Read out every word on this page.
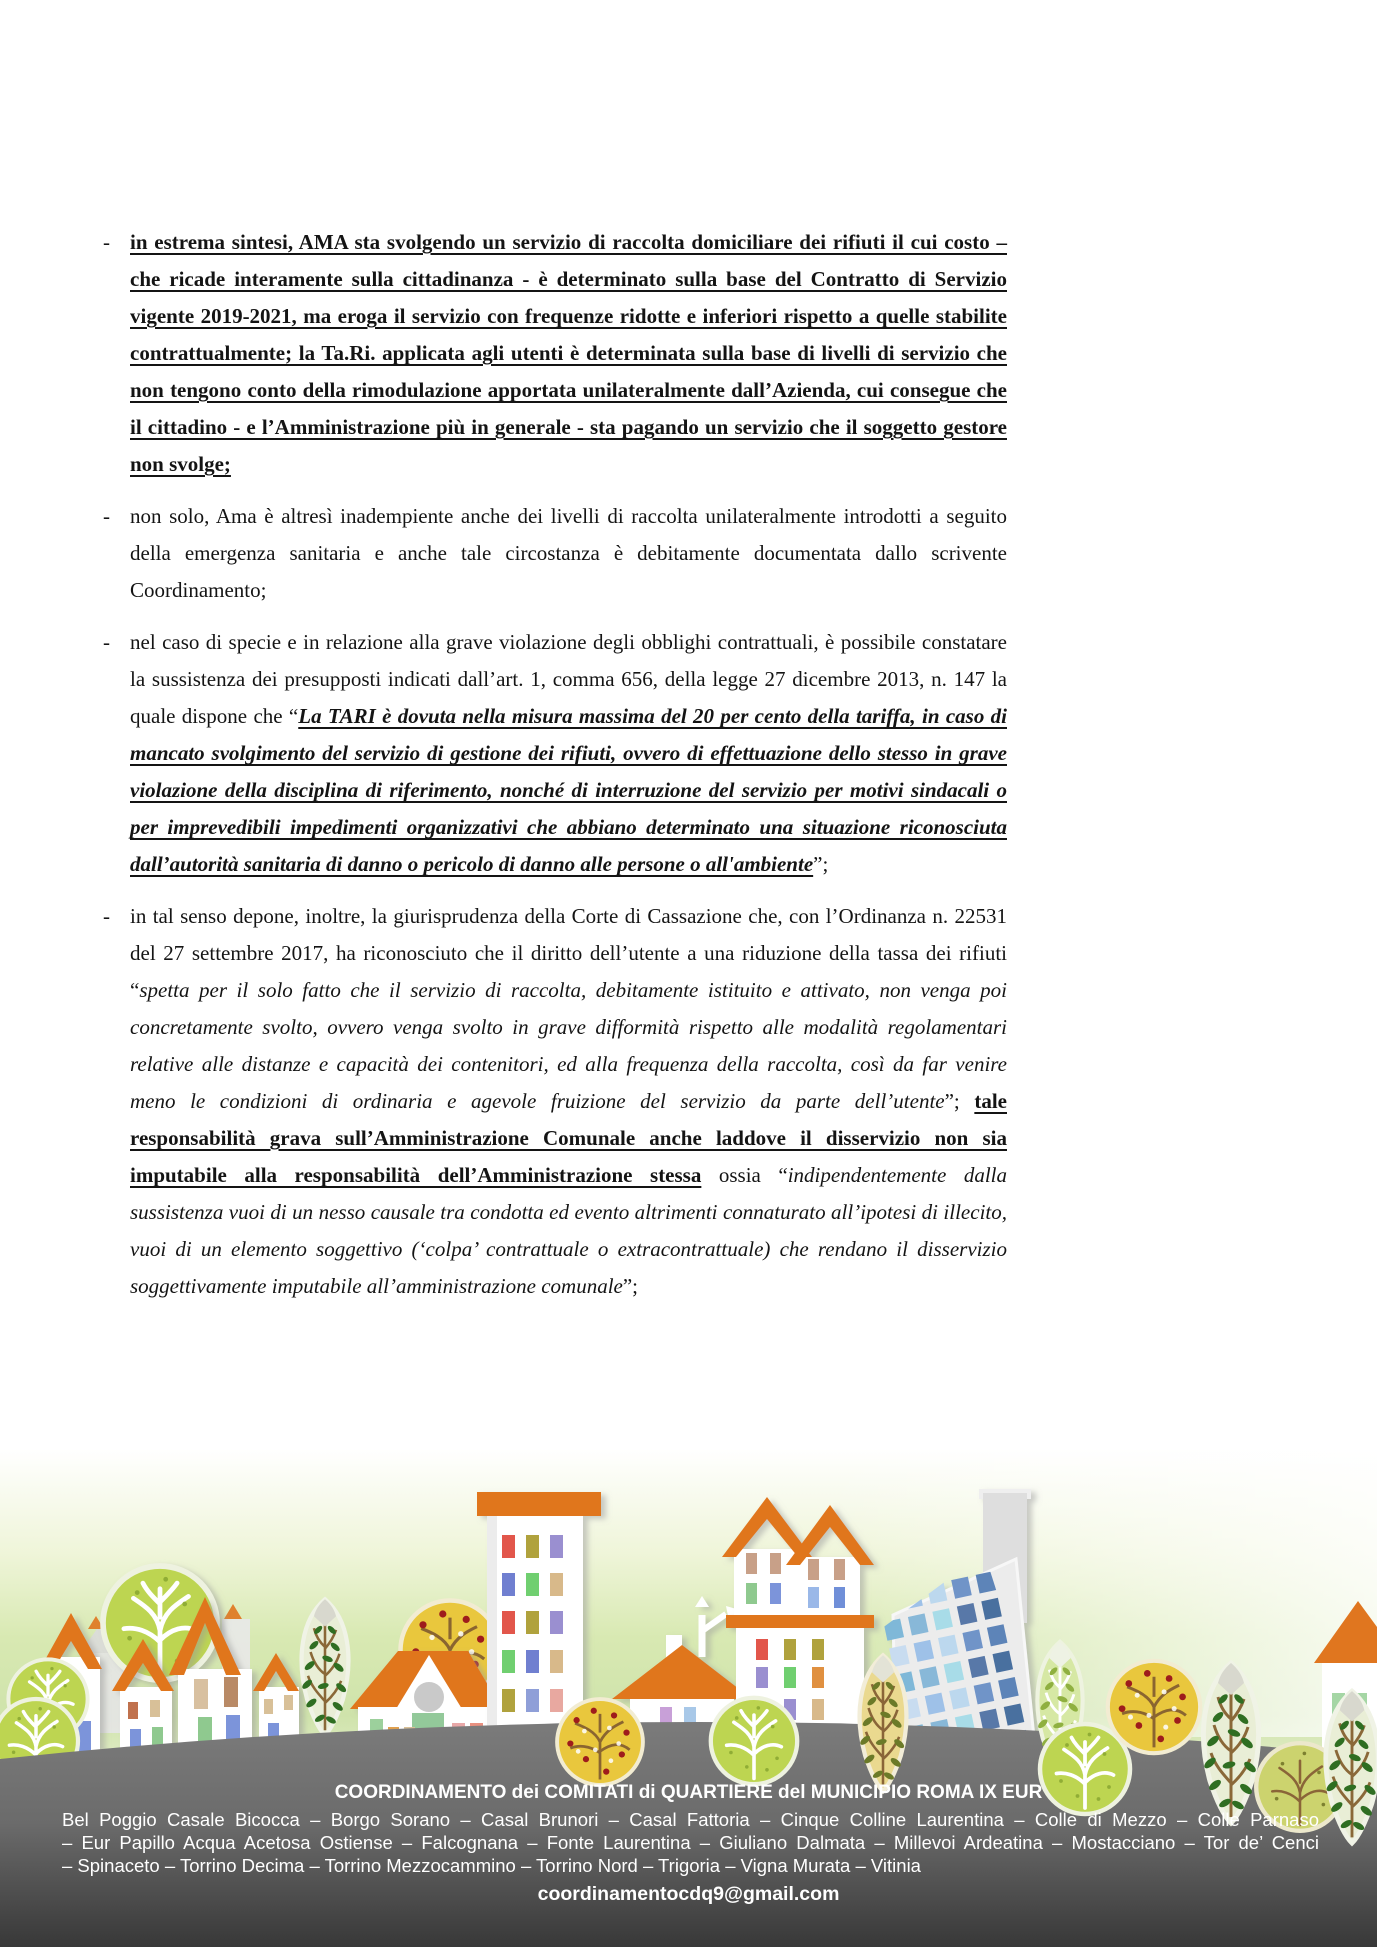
- in estrema sintesi, AMA sta svolgendo un servizio di raccolta domiciliare dei rifiuti il cui costo – che ricade interamente sulla cittadinanza - è determinato sulla base del Contratto di Servizio vigente 2019-2021, ma eroga il servizio con frequenze ridotte e inferiori rispetto a quelle stabilite contrattualmente; la Ta.Ri. applicata agli utenti è determinata sulla base di livelli di servizio che non tengono conto della rimodulazione apportata unilateralmente dall’Azienda, cui consegue che il cittadino - e l’Amministrazione più in generale - sta pagando un servizio che il soggetto gestore non svolge;
- non solo, Ama è altresì inadempiente anche dei livelli di raccolta unilateralmente introdotti a seguito della emergenza sanitaria e anche tale circostanza è debitamente documentata dallo scrivente Coordinamento;
- nel caso di specie e in relazione alla grave violazione degli obblighi contrattuali, è possibile constatare la sussistenza dei presupposti indicati dall’art. 1, comma 656, della legge 27 dicembre 2013, n. 147 la quale dispone che “La TARI è dovuta nella misura massima del 20 per cento della tariffa, in caso di mancato svolgimento del servizio di gestione dei rifiuti, ovvero di effettuazione dello stesso in grave violazione della disciplina di riferimento, nonché di interruzione del servizio per motivi sindacali o per imprevedibili impedimenti organizzativi che abbiano determinato una situazione riconosciuta dall’autorità sanitaria di danno o pericolo di danno alle persone o all'ambiente”;
- in tal senso depone, inoltre, la giurisprudenza della Corte di Cassazione che, con l’Ordinanza n. 22531 del 27 settembre 2017, ha riconosciuto che il diritto dell’utente a una riduzione della tassa dei rifiuti “spetta per il solo fatto che il servizio di raccolta, debitamente istituito e attivato, non venga poi concretamente svolto, ovvero venga svolto in grave difformità rispetto alle modalità regolamentari relative alle distanze e capacità dei contenitori, ed alla frequenza della raccolta, così da far venire meno le condizioni di ordinaria e agevole fruizione del servizio da parte dell’utente”; tale responsabilità grava sull’Amministrazione Comunale anche laddove il disservizio non sia imputabile alla responsabilità dell’Amministrazione stessa ossia “indipendentemente dalla sussistenza vuoi di un nesso causale tra condotta ed evento altrimenti connaturato all’ipotesi di illecito, vuoi di un elemento soggettivo (‘colpa’ contrattuale o extracontrattuale) che rendano il disservizio soggettivamente imputabile all’amministrazione comunale”;
COORDINAMENTO dei COMITATI di QUARTIERE del MUNICIPIO ROMA IX EUR
Bel Poggio Casale Bicocca – Borgo Sorano – Casal Brunori – Casal Fattoria – Cinque Colline Laurentina – Colle di Mezzo – Colle Parnaso
– Eur Papillo Acqua Acetosa Ostiense – Falcognana – Fonte Laurentina – Giuliano Dalmata – Millevoi Ardeatina – Mostacciano – Tor de’ Cenci
– Spinaceto – Torrino Decima – Torrino Mezzocammino – Torrino Nord – Trigoria – Vigna Murata – Vitinia
coordinamentocdq9@gmail.com
